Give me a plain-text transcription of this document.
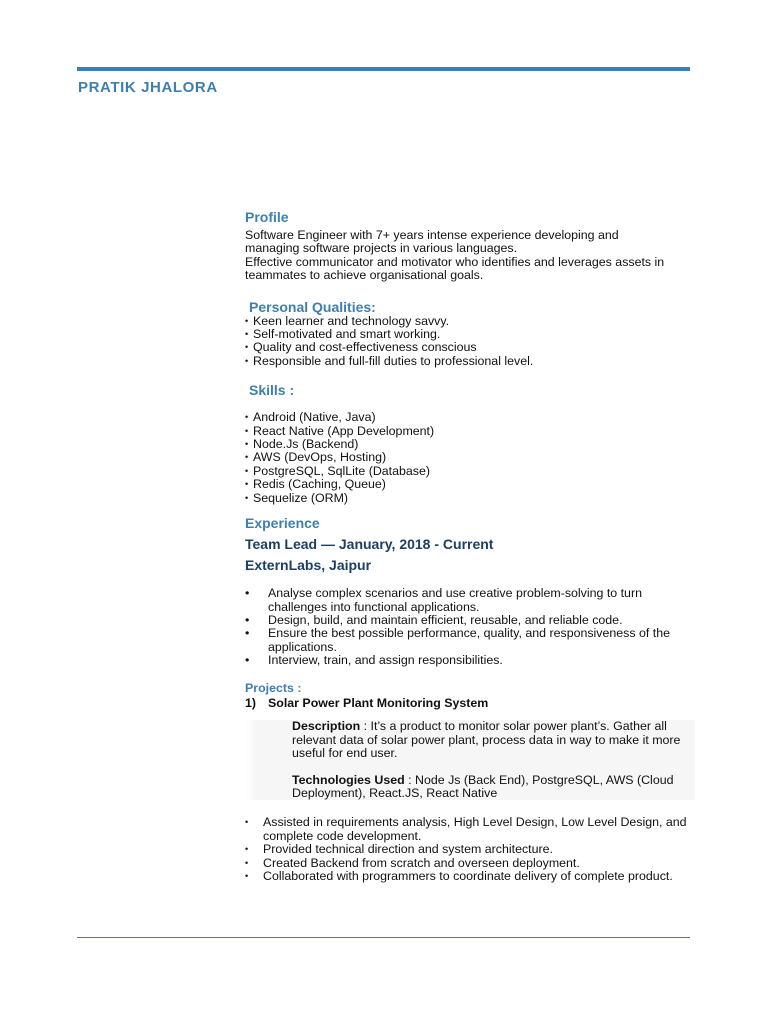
PRATIK JHALORA
Profile

Software Engineer with 7+ years intense experience developing and

managing software projects in various languages.

Effective communicator and motivator who identifies and leverages assets in

teammates to achieve organisational goals.

Personal Qualities:
• Keen learner and technology savvy.
• Self-motivated and smart working.
• Quality and cost-effectiveness conscious
• Responsible and full-fill duties to professional level.
Skills :
• Android (Native, Java)
• React Native (App Development)
• Node.Js (Backend)
• AWS (DevOps, Hosting)
• PostgreSQL, SqlLite (Database)
• Redis (Caching, Queue)
• Sequelize (ORM)
Experience

Team Lead — January, 2018 - Current

ExternLabs, Jaipur

• Analyse complex scenarios and use creative problem-solving to turn challenges into functional applications.
• Design, build, and maintain efficient, reusable, and reliable code.
• Ensure the best possible performance, quality, and responsiveness of the applications.
• Interview, train, and assign responsibilities.

Projects :

1) Solar Power Plant Monitoring System

Description : It’s a product to monitor solar power plant’s. Gather all relevant data of solar power plant, process data in way to make it more useful for end user.

Technologies Used : Node Js (Back End), PostgreSQL, AWS (Cloud Deployment), React.JS, React Native

• Assisted in requirements analysis, High Level Design, Low Level Design, and complete code development.
• Provided technical direction and system architecture.
• Created Backend from scratch and overseen deployment.
• Collaborated with programmers to coordinate delivery of complete product.
